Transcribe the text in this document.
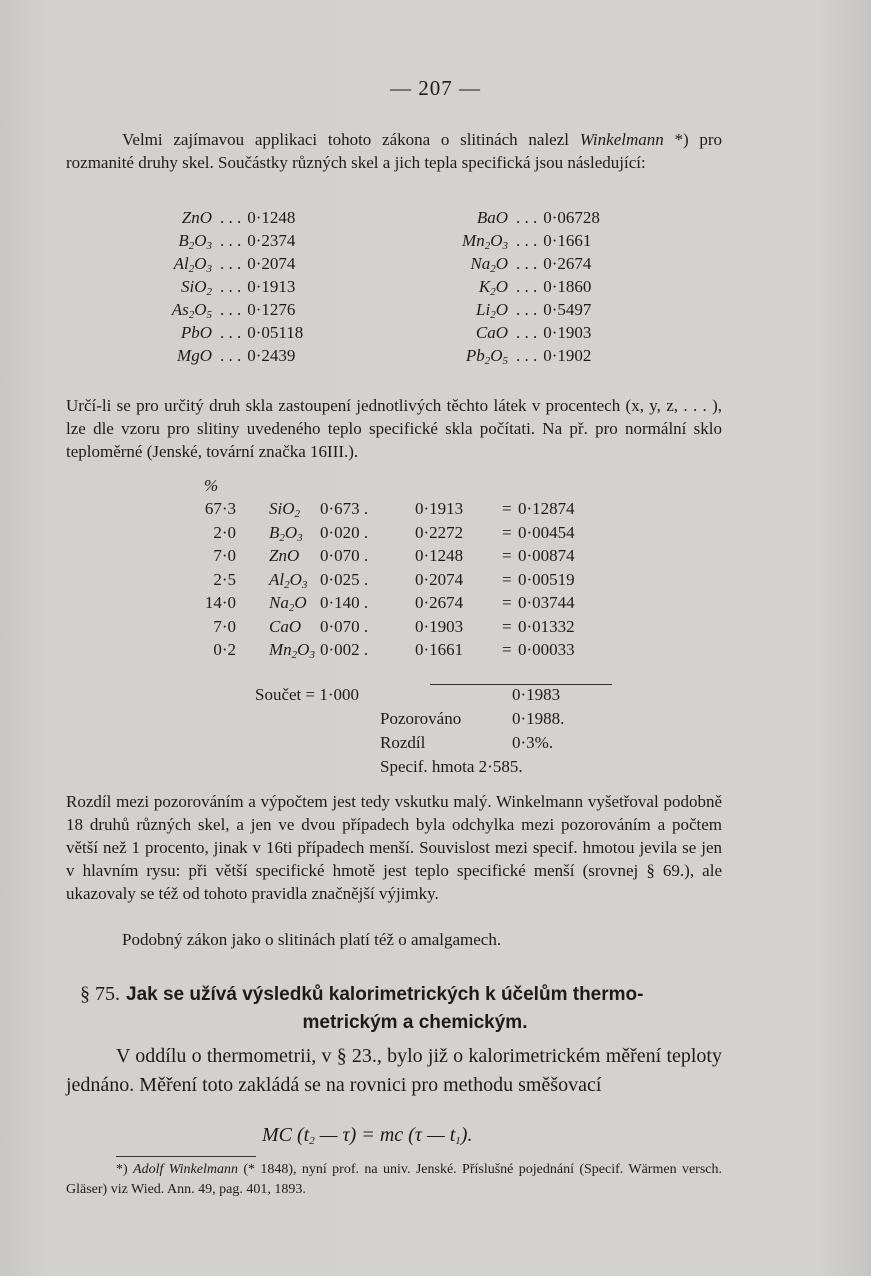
— 207 —
Velmi zajímavou applikaci tohoto zákona o slitinách nalezl Winkelmann *) pro rozmanité druhy skel. Součástky různých skel a jich tepla specifická jsou následující:
ZnO . . . 0·1248
$B_2O_3$ . . . 0·2374
$Al_2O_3$ . . . 0·2074
SiO$_2$ . . . 0·1913
$As_2O_5$ . . . 0·1276
PbO . . . 0·05118
MgO . . . 0·2439
BaO . . . 0·06728
$Mn_2O_3$ . . . 0·1661
$Na_2O$ . . . 0·2674
$K_2O$ . . . 0·1860
$Li_2O$ . . . 0·5497
CaO . . . 0·1903
$Pb_2O_5$ . . . 0·1902
Určí-li se pro určitý druh skla zastoupení jednotlivých těchto látek v procentech (x, y, z, . . . ), lze dle vzoru pro slitiny uvedeného teplo specifické skla počítati. Na př. pro normální sklo teploměrné (Jenské, tovární značka 16III.).
%
67·3 SiO$_2$ 0·673 .	0·1913 = 0·12874
2·0 $B_2O_3$ 0·020 .	0·2272 = 0·00454
7·0 ZnO 0·070 .	0·1248 = 0·00874
2·5 $Al_2O_3$ 0·025 .	0·2074 = 0·00519
14·0 $Na_2O$ 0·140 .	0·2674 = 0·03744
7·0 CaO 0·070 .	0·1903 = 0·01332
0·2 $Mn_2O_3$ 0·002 .	0·1661 = 0·00033
Součet = 1·000	0·1983
Pozorováno	0·1988.
Rozdíl	0·3%.
Specif. hmota 2·585.
Rozdíl mezi pozorováním a výpočtem jest tedy vskutku malý. Winkelmann vyšetřoval podobně 18 druhů různých skel, a jen ve dvou případech byla odchylka mezi pozorováním a počtem větší než 1 procento, jinak v 16ti případech menší. Souvislost mezi specif. hmotou jevila se jen v hlavním rysu: při větší specifické hmotě jest teplo specifické menší (srovnej § 69.), ale ukazovaly se též od tohoto pravidla značnější výjimky.
Podobný zákon jako o slitinách platí též o amalgamech.
§ 75. Jak se užívá výsledků kalorimetrických k účelům thermo-
metrickým a chemickým.
V oddílu o thermometrii, v § 23., bylo již o kalorimetrickém měření teploty jednáno. Měření toto zakládá se na rovnici pro methodu směšovací
MC ($t_2$ — τ) = mc (τ — $t_1$).
*) Adolf Winkelmann (* 1848), nyní prof. na univ. Jenské. Příslušné pojednání (Specif. Wärmen versch. Gläser) viz Wied. Ann. 49, pag. 401, 1893.
